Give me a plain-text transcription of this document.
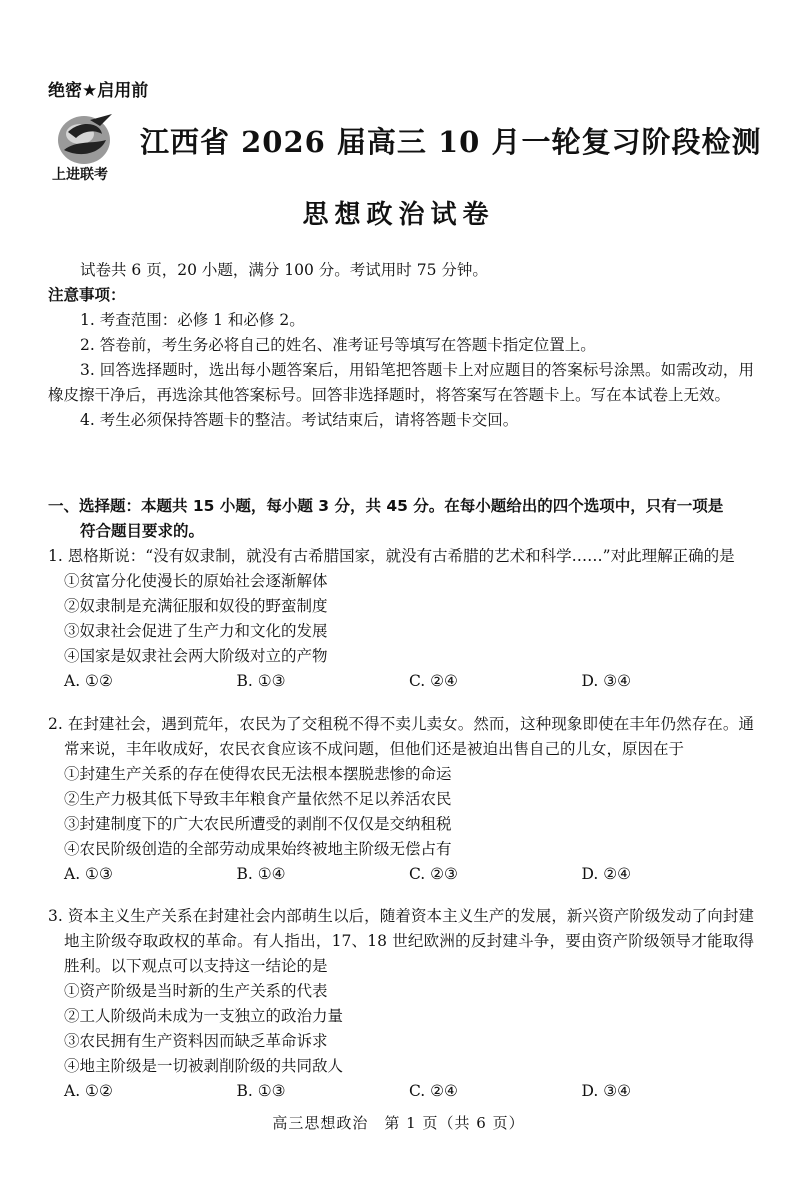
绝密★启用前
上进联考
江西省 2026 届高三 10 月一轮复习阶段检测
思想政治试卷
试卷共 6 页，20 小题，满分 100 分。考试用时 75 分钟。
注意事项：
1. 考查范围：必修 1 和必修 2。
2. 答卷前，考生务必将自己的姓名、准考证号等填写在答题卡指定位置上。
3. 回答选择题时，选出每小题答案后，用铅笔把答题卡上对应题目的答案标号涂黑。如需改动，用橡皮擦干净后，再选涂其他答案标号。回答非选择题时，将答案写在答题卡上。写在本试卷上无效。
4. 考生必须保持答题卡的整洁。考试结束后，请将答题卡交回。
一、选择题：本题共 15 小题，每小题 3 分，共 45 分。在每小题给出的四个选项中，只有一项是
符合题目要求的。
1. 恩格斯说：“没有奴隶制，就没有古希腊国家，就没有古希腊的艺术和科学……”对此理解正确的是
①贫富分化使漫长的原始社会逐渐解体
②奴隶制是充满征服和奴役的野蛮制度
③奴隶社会促进了生产力和文化的发展
④国家是奴隶社会两大阶级对立的产物
A. ①②	B. ①③	C. ②④	D. ③④
2. 在封建社会，遇到荒年，农民为了交租税不得不卖儿卖女。然而，这种现象即使在丰年仍然存在。通常来说，丰年收成好，农民衣食应该不成问题，但他们还是被迫出售自己的儿女，原因在于
①封建生产关系的存在使得农民无法根本摆脱悲惨的命运
②生产力极其低下导致丰年粮食产量依然不足以养活农民
③封建制度下的广大农民所遭受的剥削不仅仅是交纳租税
④农民阶级创造的全部劳动成果始终被地主阶级无偿占有
A. ①③	B. ①④	C. ②③	D. ②④
3. 资本主义生产关系在封建社会内部萌生以后，随着资本主义生产的发展，新兴资产阶级发动了向封建地主阶级夺取政权的革命。有人指出，17、18 世纪欧洲的反封建斗争，要由资产阶级领导才能取得胜利。以下观点可以支持这一结论的是
①资产阶级是当时新的生产关系的代表
②工人阶级尚未成为一支独立的政治力量
③农民拥有生产资料因而缺乏革命诉求
④地主阶级是一切被剥削阶级的共同敌人
A. ①②	B. ①③	C. ②④	D. ③④
高三思想政治　第 1 页（共 6 页）
